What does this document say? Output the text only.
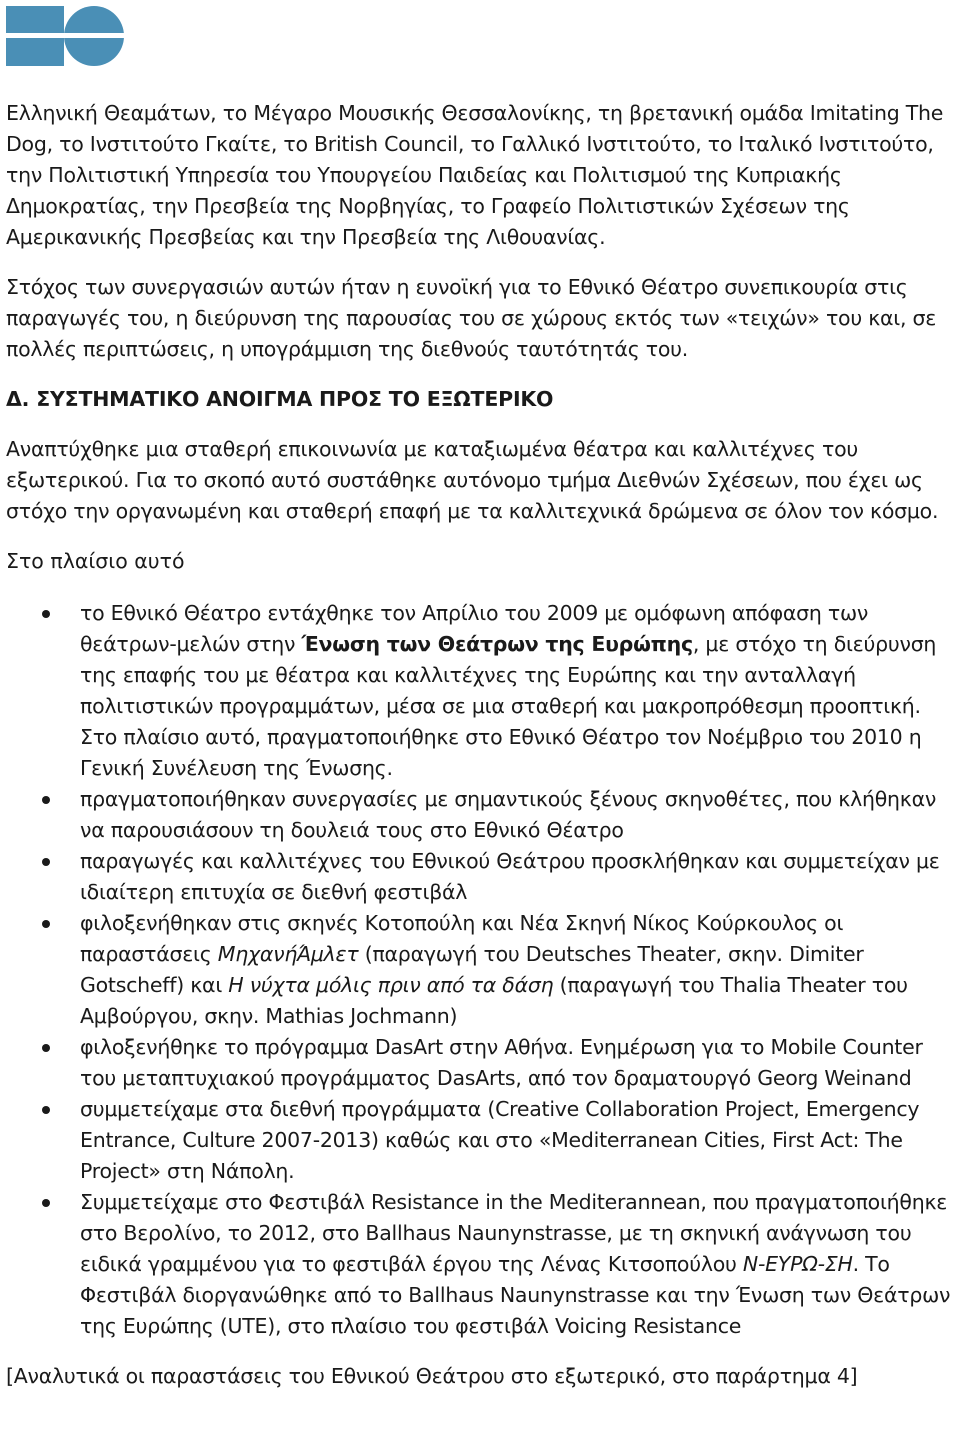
Ελληνική Θεαμάτων, το Μέγαρο Μουσικής Θεσσαλονίκης, τη βρετανική ομάδα Imitating The Dog, το Ινστιτούτο Γκαίτε, το British Council, το Γαλλικό Ινστιτούτο, το Ιταλικό Ινστιτούτο, την Πολιτιστική Υπηρεσία του Υπουργείου Παιδείας και Πολιτισμού της Κυπριακής Δημοκρατίας, την Πρεσβεία της Νορβηγίας, το Γραφείο Πολιτιστικών Σχέσεων της Αμερικανικής Πρεσβείας και την Πρεσβεία της Λιθουανίας.

Στόχος των συνεργασιών αυτών ήταν η ευνοϊκή για το Εθνικό Θέατρο συνεπικουρία στις παραγωγές του, η διεύρυνση της παρουσίας του σε χώρους εκτός των «τειχών» του και, σε πολλές περιπτώσεις, η υπογράμμιση της διεθνούς ταυτότητάς του.

Δ. ΣΥΣΤΗΜΑΤΙΚΟ ΑΝΟΙΓΜΑ ΠΡΟΣ ΤΟ ΕΞΩΤΕΡΙΚΟ

Αναπτύχθηκε μια σταθερή επικοινωνία με καταξιωμένα θέατρα και καλλιτέχνες του εξωτερικού. Για το σκοπό αυτό συστάθηκε αυτόνομο τμήμα Διεθνών Σχέσεων, που έχει ως στόχο την οργανωμένη και σταθερή επαφή με τα καλλιτεχνικά δρώμενα σε όλον τον κόσμο.

Στο πλαίσιο αυτό

το Εθνικό Θέατρο εντάχθηκε τον Απρίλιο του 2009 με ομόφωνη απόφαση των θεάτρων-μελών στην Ένωση των Θεάτρων της Ευρώπης, με στόχο τη διεύρυνση της επαφής του με θέατρα και καλλιτέχνες της Ευρώπης και την ανταλλαγή πολιτιστικών προγραμμάτων, μέσα σε μια σταθερή και μακροπρόθεσμη προοπτική. Στο πλαίσιο αυτό, πραγματοποιήθηκε στο Εθνικό Θέατρο τον Νοέμβριο του 2010 η Γενική Συνέλευση της Ένωσης.
πραγματοποιήθηκαν συνεργασίες με σημαντικούς ξένους σκηνοθέτες, που κλήθηκαν να παρουσιάσουν τη δουλειά τους στο Εθνικό Θέατρο
παραγωγές και καλλιτέχνες του Εθνικού Θεάτρου προσκλήθηκαν και συμμετείχαν με ιδιαίτερη επιτυχία σε διεθνή φεστιβάλ
φιλοξενήθηκαν στις σκηνές Κοτοπούλη και Νέα Σκηνή Νίκος Κούρκουλος οι παραστάσεις ΜηχανήΆμλετ (παραγωγή του Deutsches Theater, σκην. Dimiter Gotscheff) και Η νύχτα μόλις πριν από τα δάση (παραγωγή του Thalia Theater του Αμβούργου, σκην. Mathias Jochmann)
φιλοξενήθηκε το πρόγραμμα DasArt στην Αθήνα. Ενημέρωση για το Mobile Counter του μεταπτυχιακού προγράμματος DasArts, από τον δραματουργό Georg Weinand
συμμετείχαμε στα διεθνή προγράμματα (Creative Collaboration Project, Emergency Entrance, Culture 2007-2013) καθώς και στο «Mediterranean Cities, First Act: The Project» στη Νάπολη.
Συμμετείχαμε στο Φεστιβάλ Resistance in the Mediterannean, που πραγματοποιήθηκε στο Βερολίνο, το 2012, στο Ballhaus Naunynstrasse, με τη σκηνική ανάγνωση του ειδικά γραμμένου για το φεστιβάλ έργου της Λένας Κιτσοπούλου Ν-ΕΥΡΩ-ΣΗ. Το Φεστιβάλ διοργανώθηκε από το Ballhaus Naunynstrasse και την Ένωση των Θεάτρων της Ευρώπης (UTE), στο πλαίσιο του φεστιβάλ Voicing Resistance

[Αναλυτικά οι παραστάσεις του Εθνικού Θεάτρου στο εξωτερικό, στο παράρτημα 4]
